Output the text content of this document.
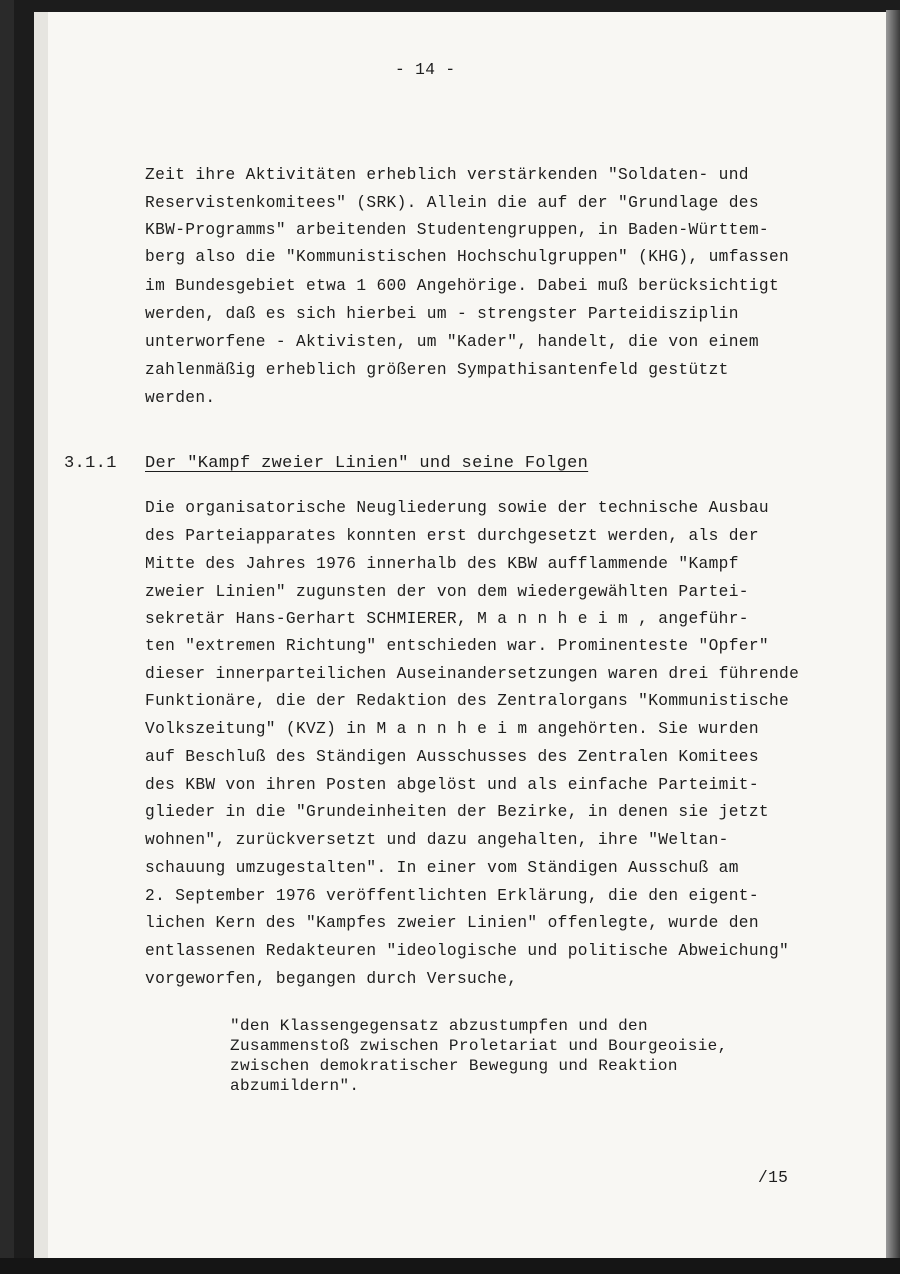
- 14 -

Zeit ihre Aktivitäten erheblich verstärkenden "Soldaten- und

Reservistenkomitees" (SRK). Allein die auf der "Grundlage des

KBW-Programms" arbeitenden Studentengruppen, in Baden-Württem-

berg also die "Kommunistischen Hochschulgruppen" (KHG), umfassen

im Bundesgebiet etwa 1 600 Angehörige. Dabei muß berücksichtigt

werden, daß es sich hierbei um - strengster Parteidisziplin

unterworfene - Aktivisten, um "Kader", handelt, die von einem

zahlenmäßig erheblich größeren Sympathisantenfeld gestützt

werden.

3.1.1 Der "Kampf zweier Linien" und seine Folgen

Die organisatorische Neugliederung sowie der technische Ausbau

des Parteiapparates konnten erst durchgesetzt werden, als der

Mitte des Jahres 1976 innerhalb des KBW aufflammende "Kampf

zweier Linien" zugunsten der von dem wiedergewählten Partei-

sekretär Hans-Gerhart SCHMIERER, M a n n h e i m , angeführ-

ten "extremen Richtung" entschieden war. Prominenteste "Opfer"

dieser innerparteilichen Auseinandersetzungen waren drei führende

Funktionäre, die der Redaktion des Zentralorgans "Kommunistische

Volkszeitung" (KVZ) in M a n n h e i m angehörten. Sie wurden

auf Beschluß des Ständigen Ausschusses des Zentralen Komitees

des KBW von ihren Posten abgelöst und als einfache Parteimit-

glieder in die "Grundeinheiten der Bezirke, in denen sie jetzt

wohnen", zurückversetzt und dazu angehalten, ihre "Weltan-

schauung umzugestalten". In einer vom Ständigen Ausschuß am

2. September 1976 veröffentlichten Erklärung, die den eigent-

lichen Kern des "Kampfes zweier Linien" offenlegte, wurde den

entlassenen Redakteuren "ideologische und politische Abweichung"

vorgeworfen, begangen durch Versuche,

"den Klassengegensatz abzustumpfen und den

Zusammenstoß zwischen Proletariat und Bourgeoisie,

zwischen demokratischer Bewegung und Reaktion

abzumildern".

/15
